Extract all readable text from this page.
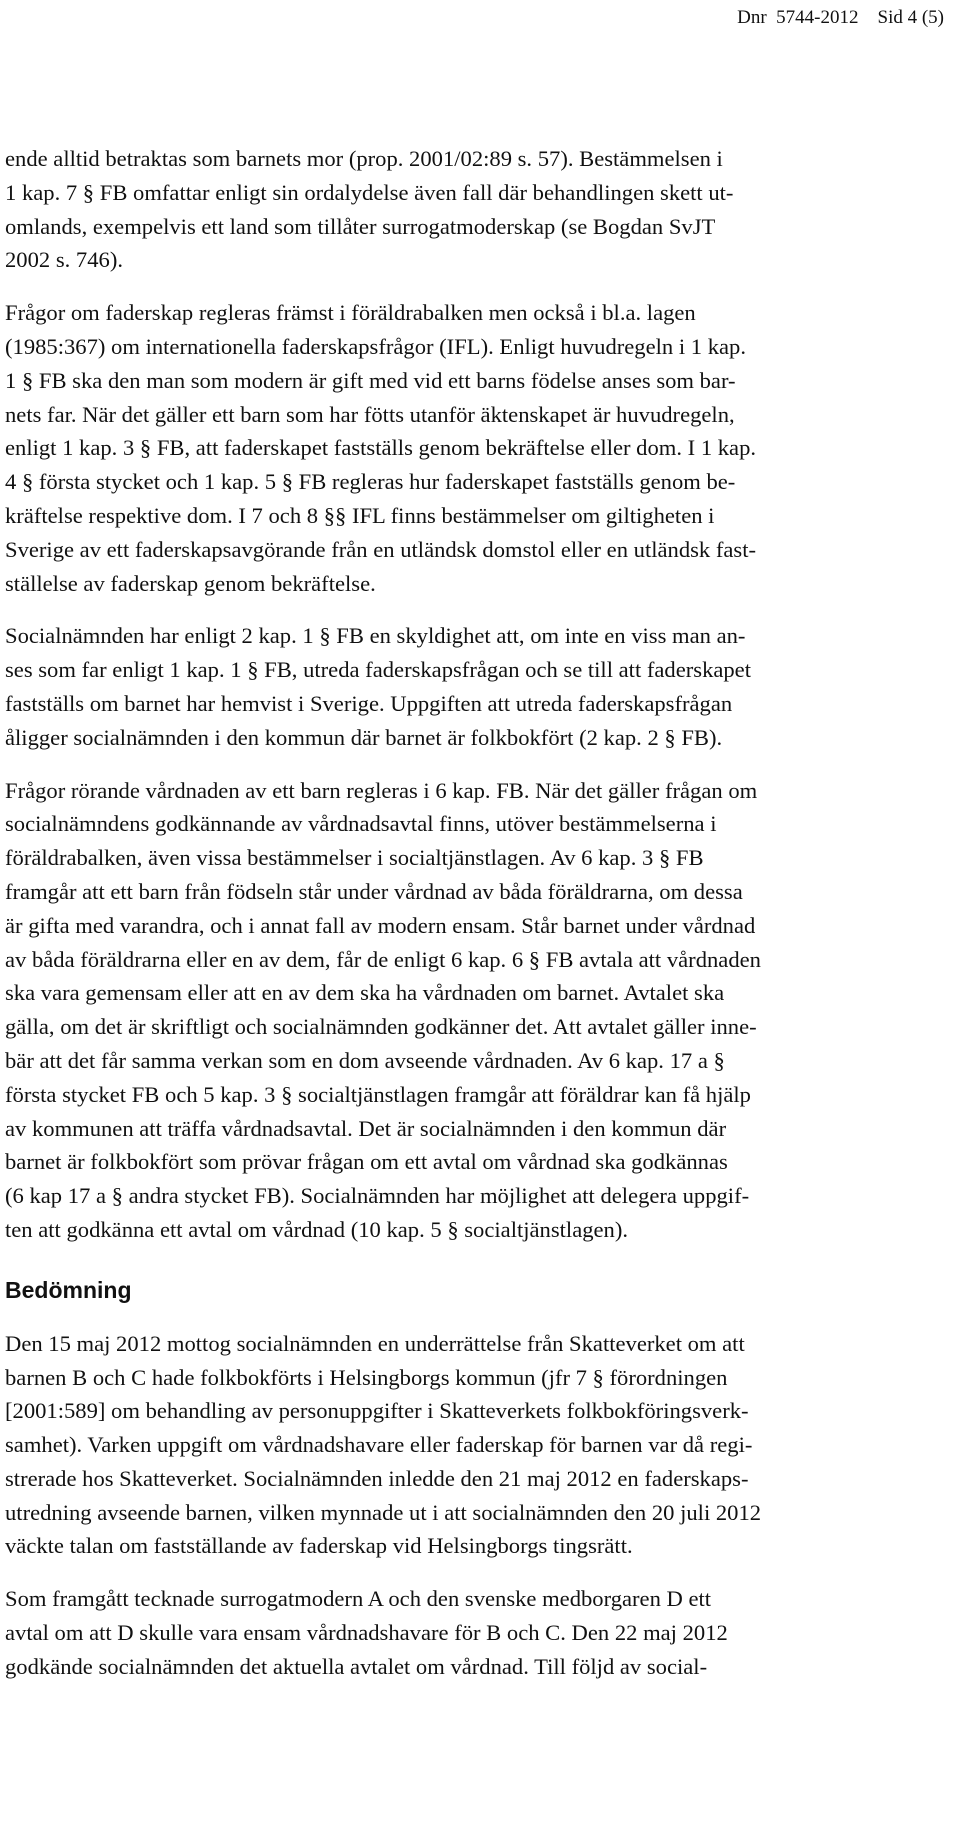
Dnr 5744-2012 Sid 4 (5)
ende alltid betraktas som barnets mor (prop. 2001/02:89 s. 57). Bestämmelsen i
1 kap. 7 § FB omfattar enligt sin ordalydelse även fall där behandlingen skett ut-
omlands, exempelvis ett land som tillåter surrogatmoderskap (se Bogdan SvJT
2002 s. 746).
Frågor om faderskap regleras främst i föräldrabalken men också i bl.a. lagen
(1985:367) om internationella faderskapsfrågor (IFL). Enligt huvudregeln i 1 kap.
1 § FB ska den man som modern är gift med vid ett barns födelse anses som bar-
nets far. När det gäller ett barn som har fötts utanför äktenskapet är huvudregeln,
enligt 1 kap. 3 § FB, att faderskapet fastställs genom bekräftelse eller dom. I 1 kap.
4 § första stycket och 1 kap. 5 § FB regleras hur faderskapet fastställs genom be-
kräftelse respektive dom. I 7 och 8 §§ IFL finns bestämmelser om giltigheten i
Sverige av ett faderskapsavgörande från en utländsk domstol eller en utländsk fast-
ställelse av faderskap genom bekräftelse.
Socialnämnden har enligt 2 kap. 1 § FB en skyldighet att, om inte en viss man an-
ses som far enligt 1 kap. 1 § FB, utreda faderskapsfrågan och se till att faderskapet
fastställs om barnet har hemvist i Sverige. Uppgiften att utreda faderskapsfrågan
åligger socialnämnden i den kommun där barnet är folkbokfört (2 kap. 2 § FB).
Frågor rörande vårdnaden av ett barn regleras i 6 kap. FB. När det gäller frågan om
socialnämndens godkännande av vårdnadsavtal finns, utöver bestämmelserna i
föräldrabalken, även vissa bestämmelser i socialtjänstlagen. Av 6 kap. 3 § FB
framgår att ett barn från födseln står under vårdnad av båda föräldrarna, om dessa
är gifta med varandra, och i annat fall av modern ensam. Står barnet under vårdnad
av båda föräldrarna eller en av dem, får de enligt 6 kap. 6 § FB avtala att vårdnaden
ska vara gemensam eller att en av dem ska ha vårdnaden om barnet. Avtalet ska
gälla, om det är skriftligt och socialnämnden godkänner det. Att avtalet gäller inne-
bär att det får samma verkan som en dom avseende vårdnaden. Av 6 kap. 17 a §
första stycket FB och 5 kap. 3 § socialtjänstlagen framgår att föräldrar kan få hjälp
av kommunen att träffa vårdnadsavtal. Det är socialnämnden i den kommun där
barnet är folkbokfört som prövar frågan om ett avtal om vårdnad ska godkännas
(6 kap 17 a § andra stycket FB). Socialnämnden har möjlighet att delegera uppgif-
ten att godkänna ett avtal om vårdnad (10 kap. 5 § socialtjänstlagen).
Bedömning
Den 15 maj 2012 mottog socialnämnden en underrättelse från Skatteverket om att
barnen B och C hade folkbokförts i Helsingborgs kommun (jfr 7 § förordningen
[2001:589] om behandling av personuppgifter i Skatteverkets folkbokföringsverk-
samhet). Varken uppgift om vårdnadshavare eller faderskap för barnen var då regi-
strerade hos Skatteverket. Socialnämnden inledde den 21 maj 2012 en faderskaps-
utredning avseende barnen, vilken mynnade ut i att socialnämnden den 20 juli 2012
väckte talan om fastställande av faderskap vid Helsingborgs tingsrätt.
Som framgått tecknade surrogatmodern A och den svenske medborgaren D ett
avtal om att D skulle vara ensam vårdnadshavare för B och C. Den 22 maj 2012
godkände socialnämnden det aktuella avtalet om vårdnad. Till följd av social-
